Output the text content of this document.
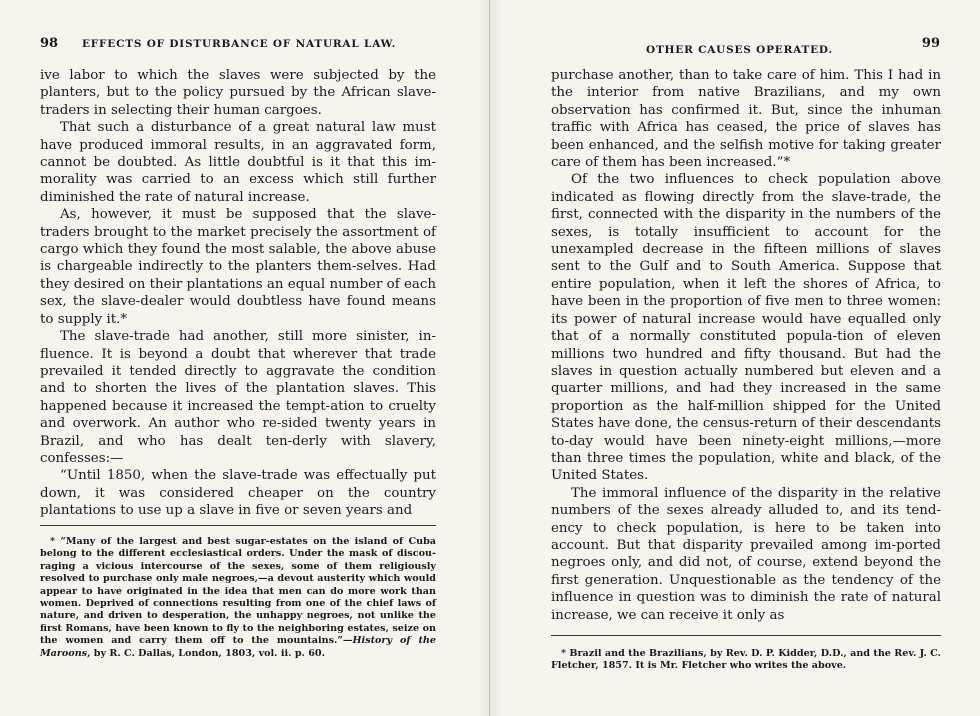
98 EFFECTS OF DISTURBANCE OF NATURAL LAW.

ive labor to which the slaves were subjected by the planters, but to the policy pursued by the African slave-traders in selecting their human cargoes.

That such a disturbance of a great natural law must have produced immoral results, in an aggravated form, cannot be doubted. As little doubtful is it that this im-morality was carried to an excess which still further diminished the rate of natural increase.

As, however, it must be supposed that the slave-traders brought to the market precisely the assortment of cargo which they found the most salable, the above abuse is chargeable indirectly to the planters them-selves. Had they desired on their plantations an equal number of each sex, the slave-dealer would doubtless have found means to supply it.*

The slave-trade had another, still more sinister, in-fluence. It is beyond a doubt that wherever that trade prevailed it tended directly to aggravate the condition and to shorten the lives of the plantation slaves. This happened because it increased the tempt-ation to cruelty and overwork. An author who re-sided twenty years in Brazil, and who has dealt ten-derly with slavery, confesses:—

“Until 1850, when the slave-trade was effectually put down, it was considered cheaper on the country plantations to use up a slave in five or seven years and

* “Many of the largest and best sugar-estates on the island of Cuba belong to the different ecclesiastical orders. Under the mask of discou-raging a vicious intercourse of the sexes, some of them religiously resolved to purchase only male negroes,—a devout austerity which would appear to have originated in the idea that men can do more work than women. Deprived of connections resulting from one of the chief laws of nature, and driven to desperation, the unhappy negroes, not unlike the first Romans, have been known to fly to the neighboring estates, seize on the women and carry them off to the mountains.”—History of the Maroons, by R. C. Dallas, London, 1803, vol. ii. p. 60.

OTHER CAUSES OPERATED.	99

purchase another, than to take care of him. This I had in the interior from native Brazilians, and my own observation has confirmed it. But, since the inhuman traffic with Africa has ceased, the price of slaves has been enhanced, and the selfish motive for taking greater care of them has been increased.”*

Of the two influences to check population above indicated as flowing directly from the slave-trade, the first, connected with the disparity in the numbers of the sexes, is totally insufficient to account for the unexampled decrease in the fifteen millions of slaves sent to the Gulf and to South America. Suppose that entire population, when it left the shores of Africa, to have been in the proportion of five men to three women: its power of natural increase would have equalled only that of a normally constituted popula-tion of eleven millions two hundred and fifty thousand. But had the slaves in question actually numbered but eleven and a quarter millions, and had they increased in the same proportion as the half-million shipped for the United States have done, the census-return of their descendants to-day would have been ninety-eight millions,—more than three times the population, white and black, of the United States.

The immoral influence of the disparity in the relative numbers of the sexes already alluded to, and its tend-ency to check population, is here to be taken into account. But that disparity prevailed among im-ported negroes only, and did not, of course, extend beyond the first generation. Unquestionable as the tendency of the influence in question was to diminish the rate of natural increase, we can receive it only as

* Brazil and the Brazilians, by Rev. D. P. Kidder, D.D., and the Rev. J. C. Fletcher, 1857. It is Mr. Fletcher who writes the above.
